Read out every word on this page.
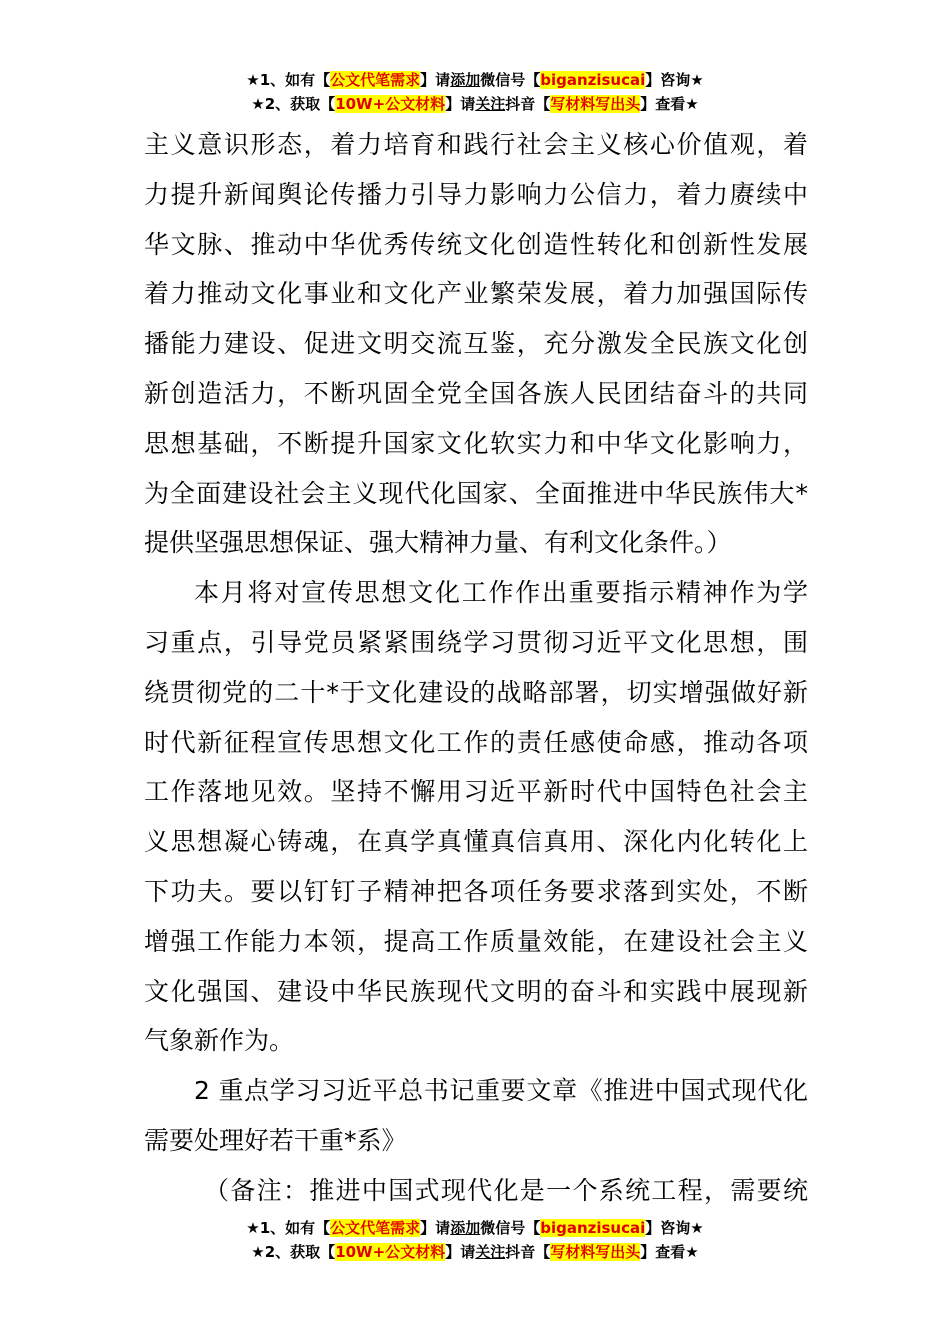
★1、如有【公文代笔需求】请添加微信号【biganzisucai】咨询★
★2、获取【10W+公文材料】请关注抖音【写材料写出头】查看★
主义意识形态，着力培育和践行社会主义核心价值观，着
力提升新闻舆论传播力引导力影响力公信力，着力赓续中
华文脉、推动中华优秀传统文化创造性转化和创新性发展
着力推动文化事业和文化产业繁荣发展，着力加强国际传
播能力建设、促进文明交流互鉴，充分激发全民族文化创
新创造活力，不断巩固全党全国各族人民团结奋斗的共同
思想基础，不断提升国家文化软实力和中华文化影响力，
为全面建设社会主义现代化国家、全面推进中华民族伟大*
提供坚强思想保证、强大精神力量、有利文化条件。）
本月将对宣传思想文化工作作出重要指示精神作为学
习重点，引导党员紧紧围绕学习贯彻习近平文化思想，围
绕贯彻党的二十*于文化建设的战略部署，切实增强做好新
时代新征程宣传思想文化工作的责任感使命感，推动各项
工作落地见效。坚持不懈用习近平新时代中国特色社会主
义思想凝心铸魂，在真学真懂真信真用、深化内化转化上
下功夫。要以钉钉子精神把各项任务要求落到实处，不断
增强工作能力本领，提高工作质量效能，在建设社会主义
文化强国、建设中华民族现代文明的奋斗和实践中展现新
气象新作为。
2 重点学习习近平总书记重要文章《推进中国式现代化
需要处理好若干重*系》
（备注：推进中国式现代化是一个系统工程，需要统
★1、如有【公文代笔需求】请添加微信号【biganzisucai】咨询★
★2、获取【10W+公文材料】请关注抖音【写材料写出头】查看★
